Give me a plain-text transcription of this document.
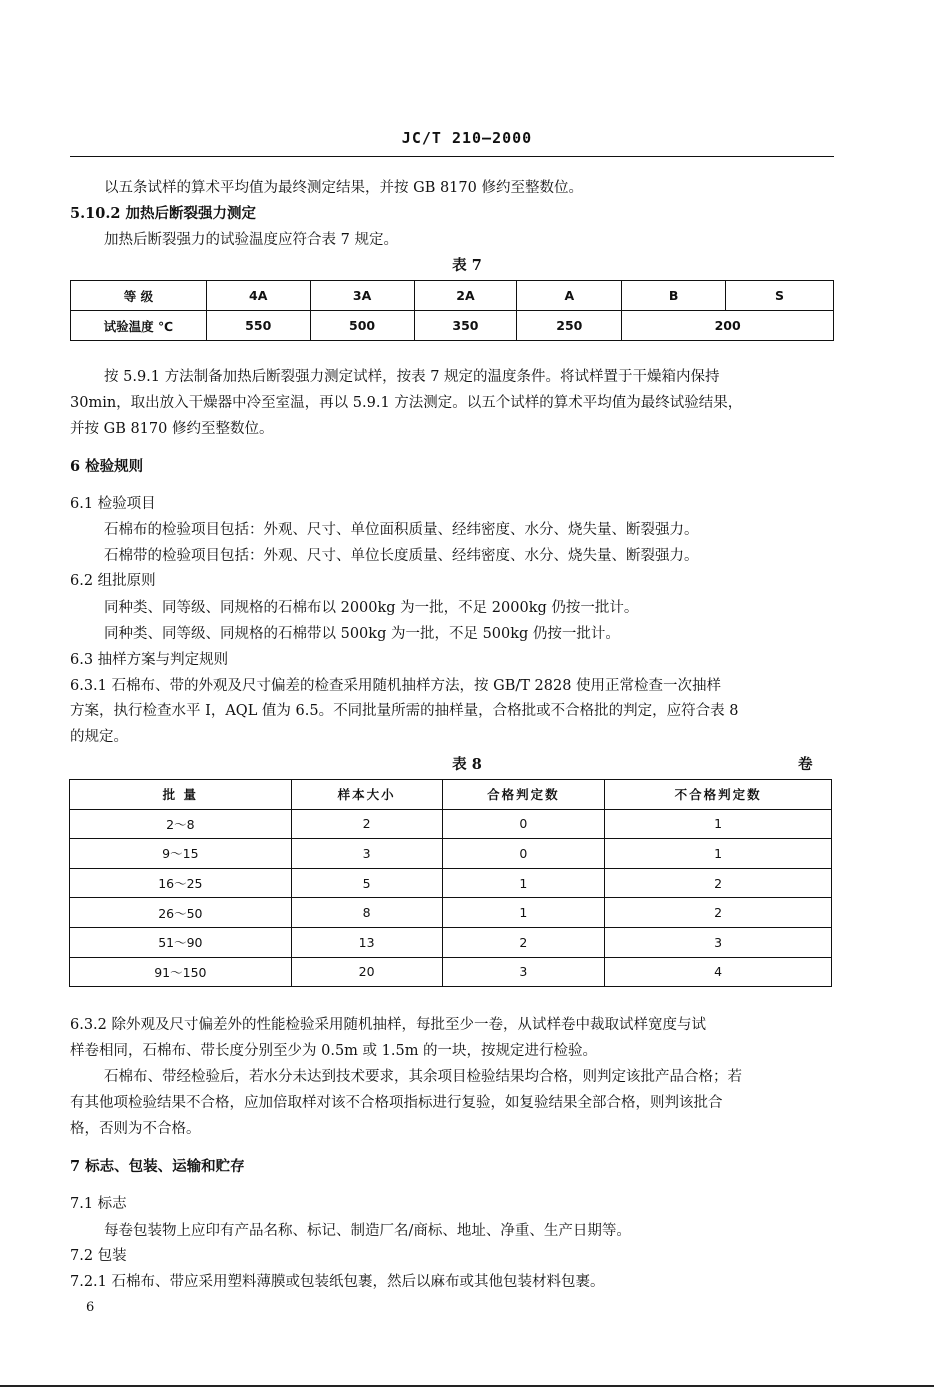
JC/T 210—2000
以五条试样的算术平均值为最终测定结果，并按 GB 8170 修约至整数位。
5.10.2 加热后断裂强力测定
加热后断裂强力的试验温度应符合表 7 规定。
表 7
等 级	4A	3A	2A	A	B	S
试验温度 ℃	550	500	350	250	200	
按 5.9.1 方法制备加热后断裂强力测定试样，按表 7 规定的温度条件。将试样置于干燥箱内保持
30min，取出放入干燥器中冷至室温，再以 5.9.1 方法测定。以五个试样的算术平均值为最终试验结果，
并按 GB 8170 修约至整数位。
6 检验规则
6.1 检验项目
石棉布的检验项目包括：外观、尺寸、单位面积质量、经纬密度、水分、烧失量、断裂强力。
石棉带的检验项目包括：外观、尺寸、单位长度质量、经纬密度、水分、烧失量、断裂强力。
6.2 组批原则
同种类、同等级、同规格的石棉布以 2000kg 为一批，不足 2000kg 仍按一批计。
同种类、同等级、同规格的石棉带以 500kg 为一批，不足 500kg 仍按一批计。
6.3 抽样方案与判定规则
6.3.1 石棉布、带的外观及尺寸偏差的检查采用随机抽样方法，按 GB/T 2828 使用正常检查一次抽样
方案，执行检查水平 Ⅰ，AQL 值为 6.5。不同批量所需的抽样量，合格批或不合格批的判定，应符合表 8
的规定。
表 8	卷
批 量	样本大小	合格判定数	不合格判定数
2～8	2	0	1
9～15	3	0	1
16～25	5	1	2
26～50	8	1	2
51～90	13	2	3
91～150	20	3	4
6.3.2 除外观及尺寸偏差外的性能检验采用随机抽样，每批至少一卷，从试样卷中裁取试样宽度与试
样卷相同，石棉布、带长度分别至少为 0.5m 或 1.5m 的一块，按规定进行检验。
石棉布、带经检验后，若水分未达到技术要求，其余项目检验结果均合格，则判定该批产品合格；若
有其他项检验结果不合格，应加倍取样对该不合格项指标进行复验，如复验结果全部合格，则判该批合
格，否则为不合格。
7 标志、包装、运输和贮存
7.1 标志
每卷包装物上应印有产品名称、标记、制造厂名/商标、地址、净重、生产日期等。
7.2 包装
7.2.1 石棉布、带应采用塑料薄膜或包装纸包裹，然后以麻布或其他包装材料包裹。
6
